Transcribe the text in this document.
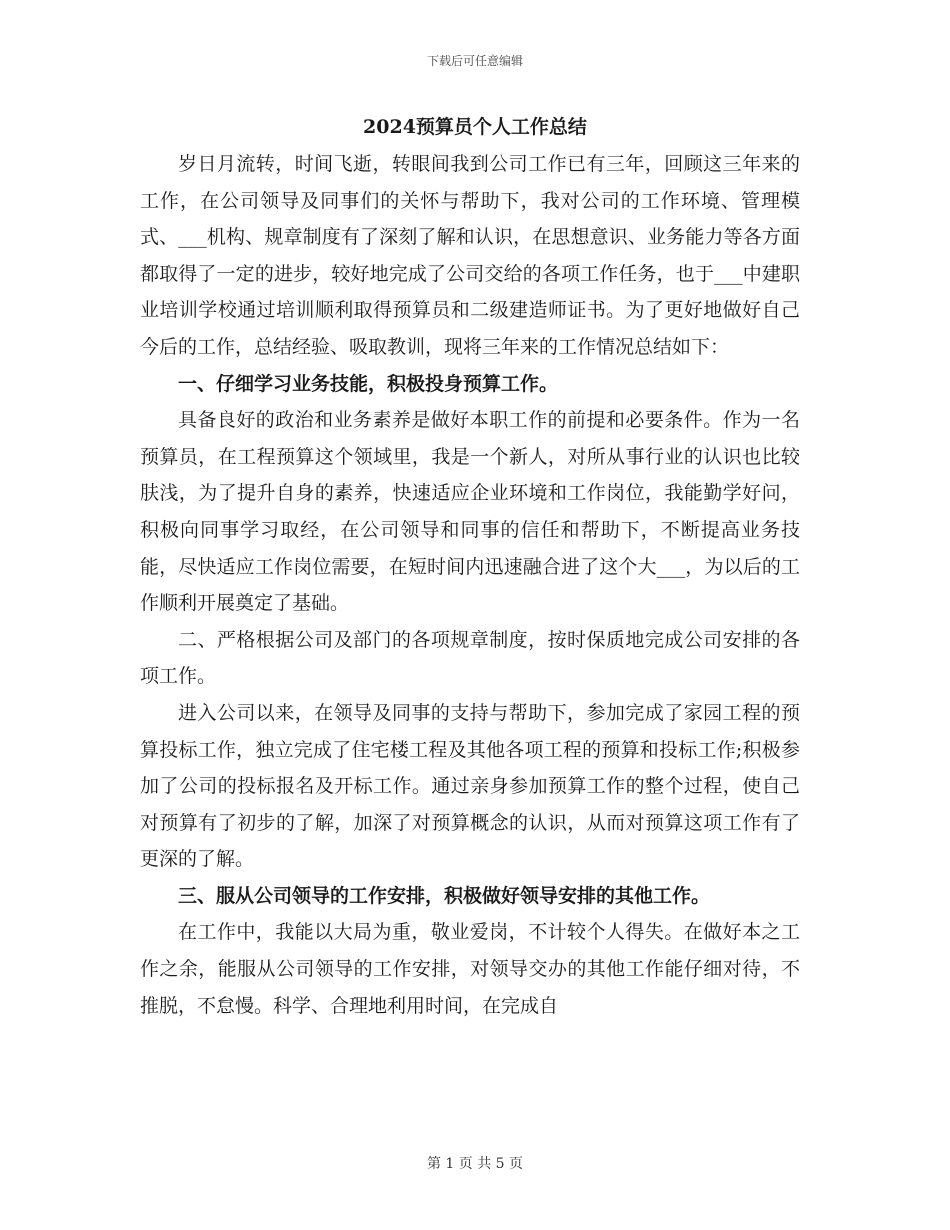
下载后可任意编辑
2024预算员个人工作总结

岁日月流转，时间飞逝，转眼间我到公司工作已有三年，回顾这三年来的工作，在公司领导及同事们的关怀与帮助下，我对公司的工作环境、管理模式、___机构、规章制度有了深刻了解和认识，在思想意识、业务能力等各方面都取得了一定的进步，较好地完成了公司交给的各项工作任务，也于___中建职业培训学校通过培训顺利取得预算员和二级建造师证书。为了更好地做好自己今后的工作，总结经验、吸取教训，现将三年来的工作情况总结如下：

一、仔细学习业务技能，积极投身预算工作。

具备良好的政治和业务素养是做好本职工作的前提和必要条件。作为一名预算员，在工程预算这个领域里，我是一个新人，对所从事行业的认识也比较肤浅，为了提升自身的素养，快速适应企业环境和工作岗位，我能勤学好问，积极向同事学习取经，在公司领导和同事的信任和帮助下，不断提高业务技能，尽快适应工作岗位需要，在短时间内迅速融合进了这个大___，为以后的工作顺利开展奠定了基础。

二、严格根据公司及部门的各项规章制度，按时保质地完成公司安排的各项工作。

进入公司以来，在领导及同事的支持与帮助下，参加完成了家园工程的预算投标工作，独立完成了住宅楼工程及其他各项工程的预算和投标工作;积极参加了公司的投标报名及开标工作。通过亲身参加预算工作的整个过程，使自己对预算有了初步的了解，加深了对预算概念的认识，从而对预算这项工作有了更深的了解。

三、服从公司领导的工作安排，积极做好领导安排的其他工作。

在工作中，我能以大局为重，敬业爱岗，不计较个人得失。在做好本之工作之余，能服从公司领导的工作安排，对领导交办的其他工作能仔细对待，不推脱，不怠慢。科学、合理地利用时间，在完成自

第 1 页 共 5 页
